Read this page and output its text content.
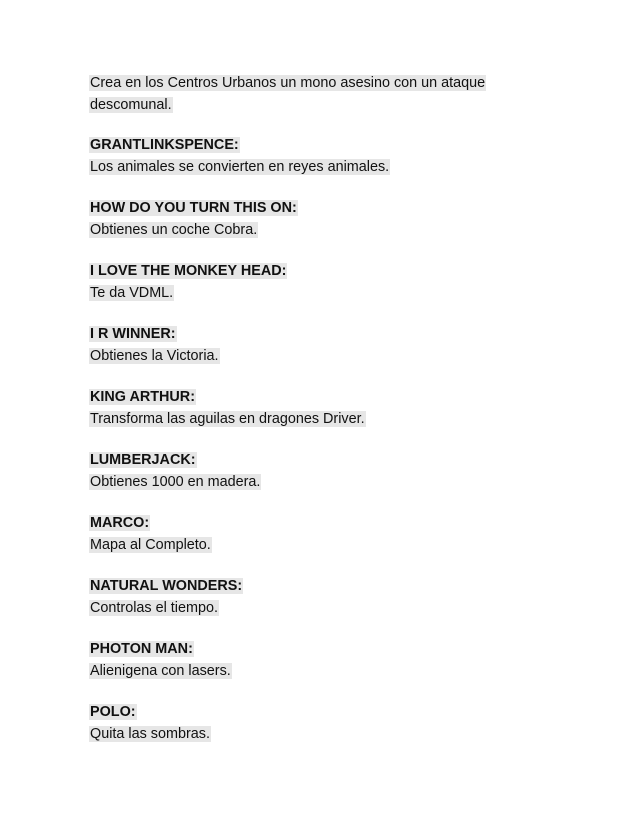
Crea en los Centros Urbanos un mono asesino con un ataque
descomunal.
GRANTLINKSPENCE:
Los animales se convierten en reyes animales.
HOW DO YOU TURN THIS ON:
Obtienes un coche Cobra.
I LOVE THE MONKEY HEAD:
Te da VDML.
I R WINNER:
Obtienes la Victoria.
KING ARTHUR:
Transforma las aguilas en dragones Driver.
LUMBERJACK:
Obtienes 1000 en madera.
MARCO:
Mapa al Completo.
NATURAL WONDERS:
Controlas el tiempo.
PHOTON MAN:
Alienigena con lasers.
POLO:
Quita las sombras.
